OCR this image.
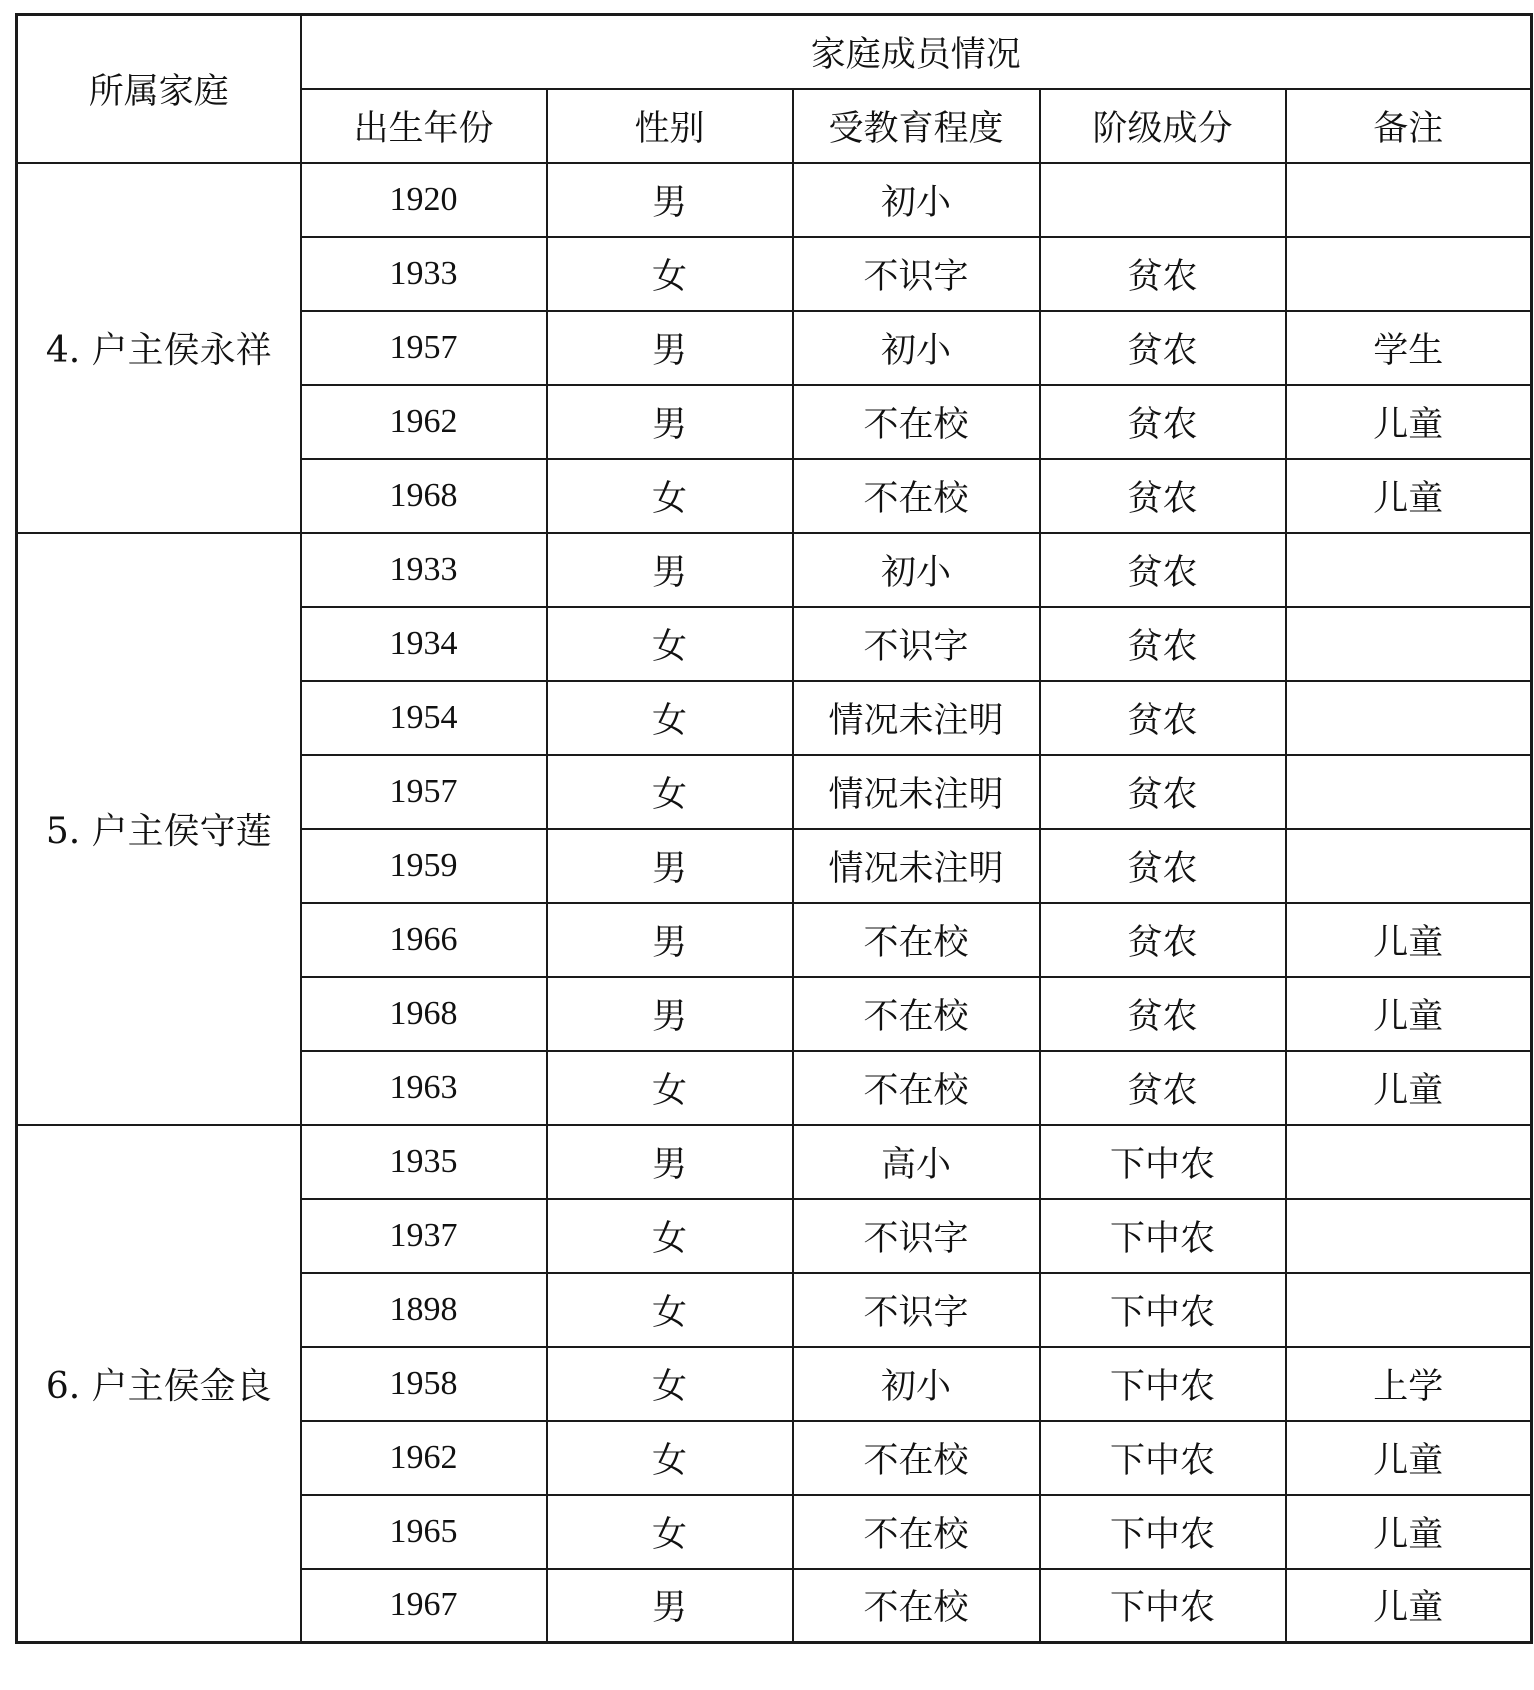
所属家庭	家庭成员情况				
	出生年份	性别	受教育程度	阶级成分	备注
4. 户主侯永祥	1920	男	初小		
	1933	女	不识字	贫农	
	1957	男	初小	贫农	学生
	1962	男	不在校	贫农	儿童
	1968	女	不在校	贫农	儿童
5. 户主侯守莲	1933	男	初小	贫农	
	1934	女	不识字	贫农	
	1954	女	情况未注明	贫农	
	1957	女	情况未注明	贫农	
	1959	男	情况未注明	贫农	
	1966	男	不在校	贫农	儿童
	1968	男	不在校	贫农	儿童
	1963	女	不在校	贫农	儿童
6. 户主侯金良	1935	男	高小	下中农	
	1937	女	不识字	下中农	
	1898	女	不识字	下中农	
	1958	女	初小	下中农	上学
	1962	女	不在校	下中农	儿童
	1965	女	不在校	下中农	儿童
	1967	男	不在校	下中农	儿童
